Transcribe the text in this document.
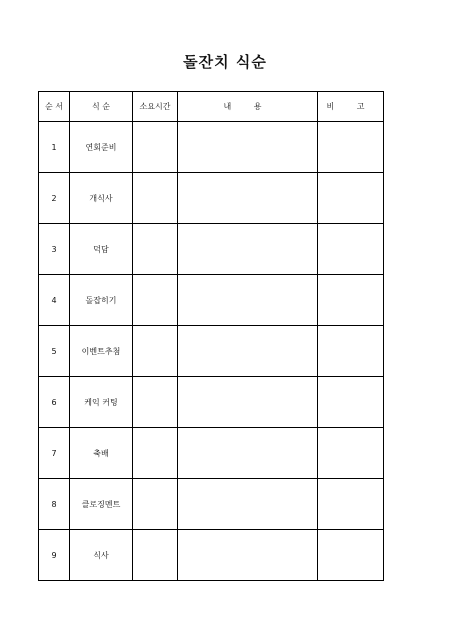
돌잔치 식순
순 서	식 순	소요시간	내 용	비 고
1	연회준비			
2	개식사			
3	덕담			
4	돌잡히기			
5	이벤트추첨			
6	케익 커팅			
7	축배			
8	클로징멘트			
9	식사			
